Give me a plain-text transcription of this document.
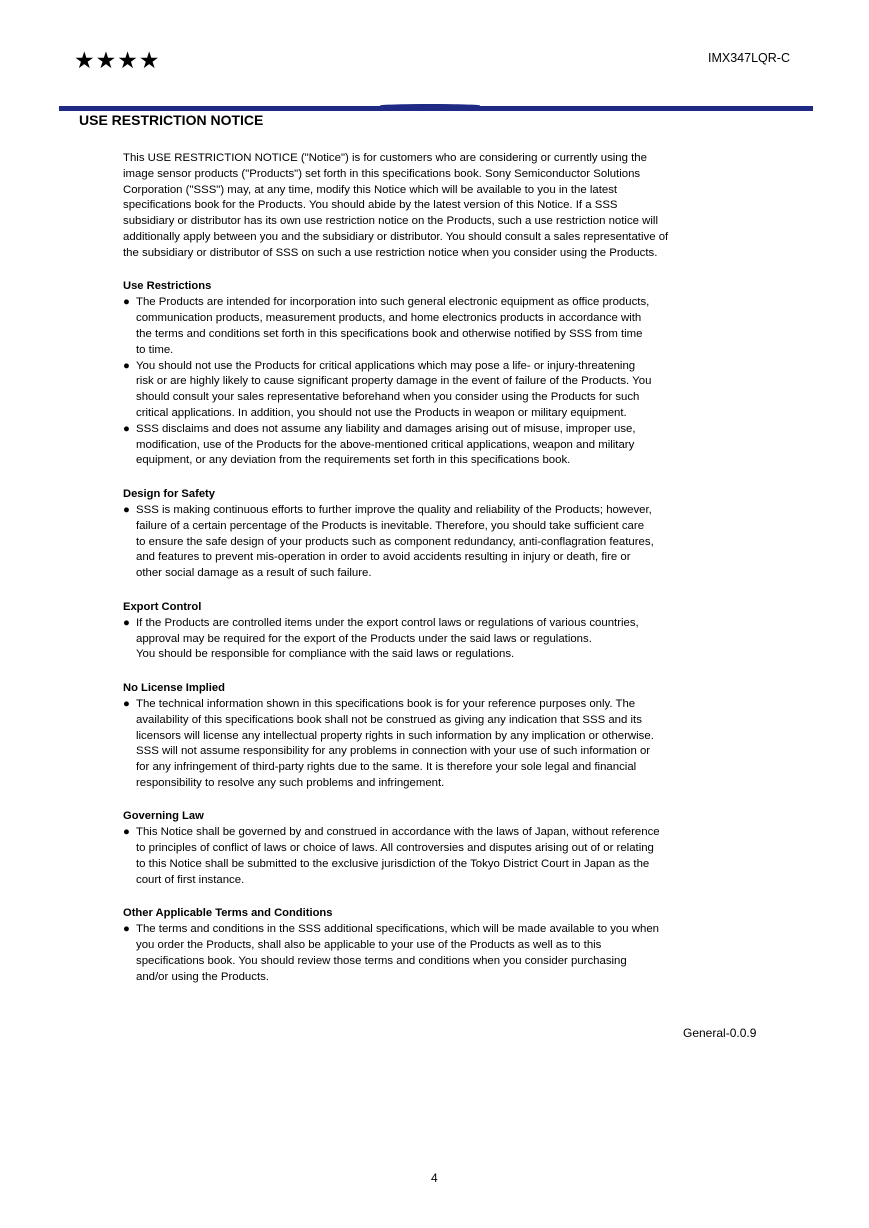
★★★★	IMX347LQR-C
USE RESTRICTION NOTICE

This USE RESTRICTION NOTICE ("Notice") is for customers who are considering or currently using the
image sensor products ("Products") set forth in this specifications book. Sony Semiconductor Solutions
Corporation ("SSS") may, at any time, modify this Notice which will be available to you in the latest
specifications book for the Products. You should abide by the latest version of this Notice. If a SSS
subsidiary or distributor has its own use restriction notice on the Products, such a use restriction notice will
additionally apply between you and the subsidiary or distributor. You should consult a sales representative of
the subsidiary or distributor of SSS on such a use restriction notice when you consider using the Products.

Use Restrictions
● The Products are intended for incorporation into such general electronic equipment as office products,
communication products, measurement products, and home electronics products in accordance with
the terms and conditions set forth in this specifications book and otherwise notified by SSS from time
to time.
● You should not use the Products for critical applications which may pose a life- or injury-threatening
risk or are highly likely to cause significant property damage in the event of failure of the Products. You
should consult your sales representative beforehand when you consider using the Products for such
critical applications. In addition, you should not use the Products in weapon or military equipment.
● SSS disclaims and does not assume any liability and damages arising out of misuse, improper use,
modification, use of the Products for the above-mentioned critical applications, weapon and military
equipment, or any deviation from the requirements set forth in this specifications book.
Design for Safety
● SSS is making continuous efforts to further improve the quality and reliability of the Products; however,
failure of a certain percentage of the Products is inevitable. Therefore, you should take sufficient care
to ensure the safe design of your products such as component redundancy, anti-conflagration features,
and features to prevent mis-operation in order to avoid accidents resulting in injury or death, fire or
other social damage as a result of such failure.
Export Control
● If the Products are controlled items under the export control laws or regulations of various countries,
approval may be required for the export of the Products under the said laws or regulations.
You should be responsible for compliance with the said laws or regulations.
No License Implied
● The technical information shown in this specifications book is for your reference purposes only. The
availability of this specifications book shall not be construed as giving any indication that SSS and its
licensors will license any intellectual property rights in such information by any implication or otherwise.
SSS will not assume responsibility for any problems in connection with your use of such information or
for any infringement of third-party rights due to the same. It is therefore your sole legal and financial
responsibility to resolve any such problems and infringement.
Governing Law
● This Notice shall be governed by and construed in accordance with the laws of Japan, without reference
to principles of conflict of laws or choice of laws. All controversies and disputes arising out of or relating
to this Notice shall be submitted to the exclusive jurisdiction of the Tokyo District Court in Japan as the
court of first instance.
Other Applicable Terms and Conditions
● The terms and conditions in the SSS additional specifications, which will be made available to you when
you order the Products, shall also be applicable to your use of the Products as well as to this
specifications book. You should review those terms and conditions when you consider purchasing
and/or using the Products.
General-0.0.9
4
